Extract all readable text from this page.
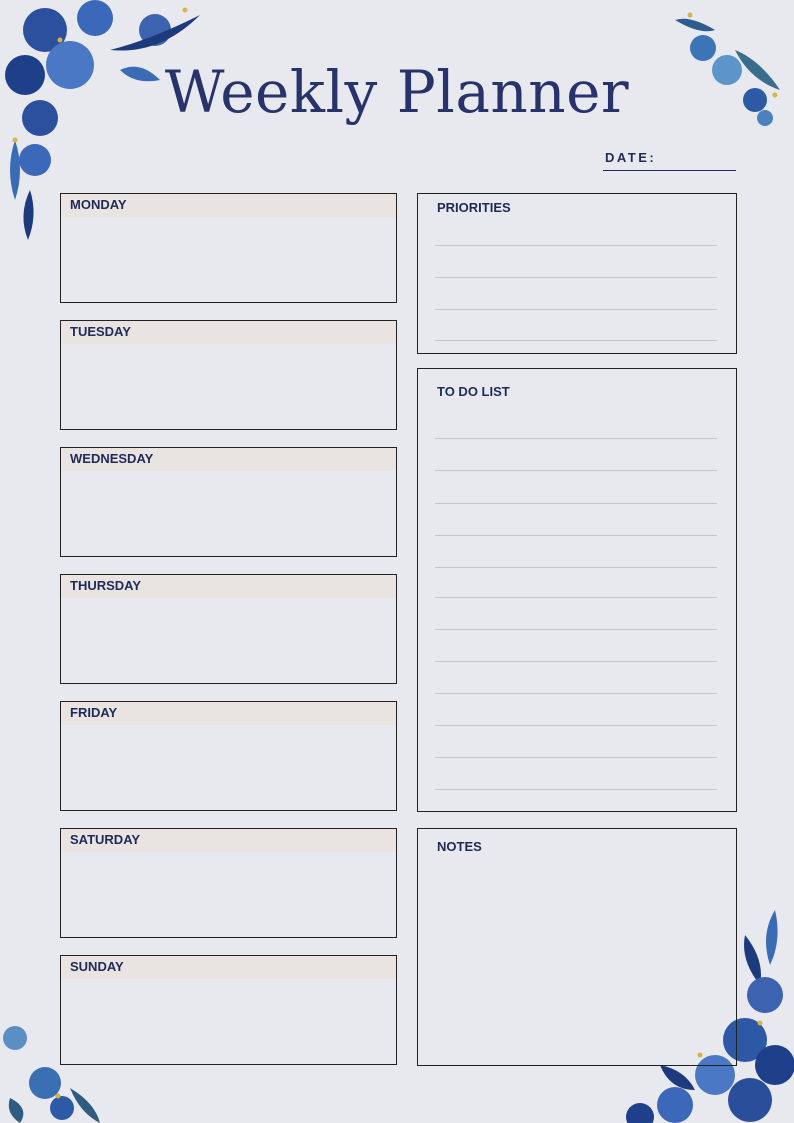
Weekly Planner
DATE:
MONDAY
TUESDAY
WEDNESDAY
THURSDAY
FRIDAY
SATURDAY
SUNDAY
PRIORITIES
TO DO LIST
NOTES
